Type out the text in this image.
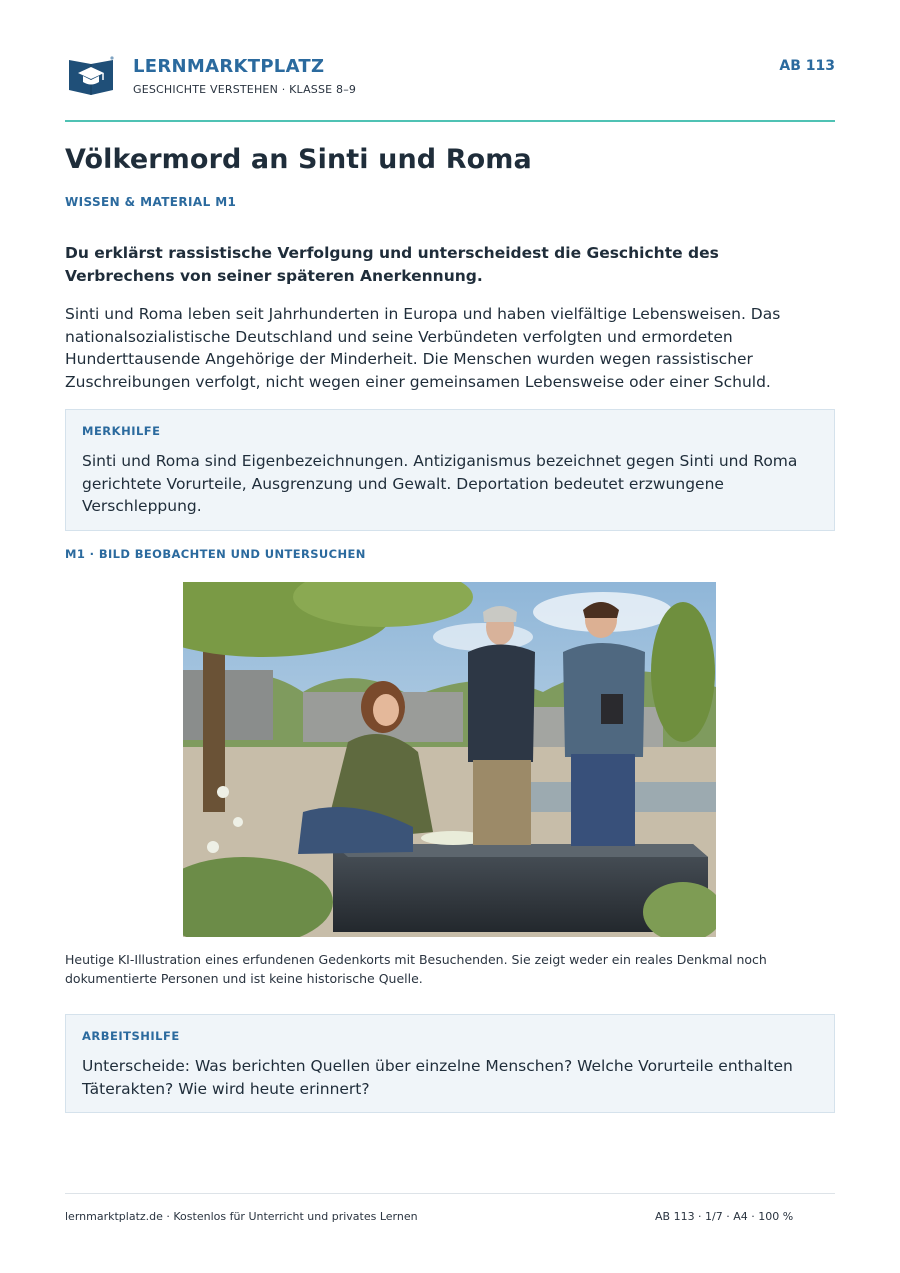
LERNMARKTPLATZ
GESCHICHTE VERSTEHEN · KLASSE 8–9
AB 113
Völkermord an Sinti und Roma
WISSEN & MATERIAL M1

Du erklärst rassistische Verfolgung und unterscheidest die Geschichte des Verbrechens von seiner späteren Anerkennung.

Sinti und Roma leben seit Jahrhunderten in Europa und haben vielfältige Lebensweisen. Das nationalsozialistische Deutschland und seine Verbündeten verfolgten und ermordeten Hunderttausende Angehörige der Minderheit. Die Menschen wurden wegen rassistischer Zuschreibungen verfolgt, nicht wegen einer gemeinsamen Lebensweise oder einer Schuld.

MERKHILFE
Sinti und Roma sind Eigenbezeichnungen. Antiziganismus bezeichnet gegen Sinti und Roma gerichtete Vorurteile, Ausgrenzung und Gewalt. Deportation bedeutet erzwungene Verschleppung.
M1 · BILD BEOBACHTEN UND UNTERSUCHEN

Heutige KI-Illustration eines erfundenen Gedenkorts mit Besuchenden. Sie zeigt weder ein reales Denkmal noch dokumentierte Personen und ist keine historische Quelle.

ARBEITSHILFE
Unterscheide: Was berichten Quellen über einzelne Menschen? Welche Vorurteile enthalten Täterakten? Wie wird heute erinnert?
lernmarktplatz.de · Kostenlos für Unterricht und privates Lernen	AB 113 · 1/7 · A4 · 100 %
